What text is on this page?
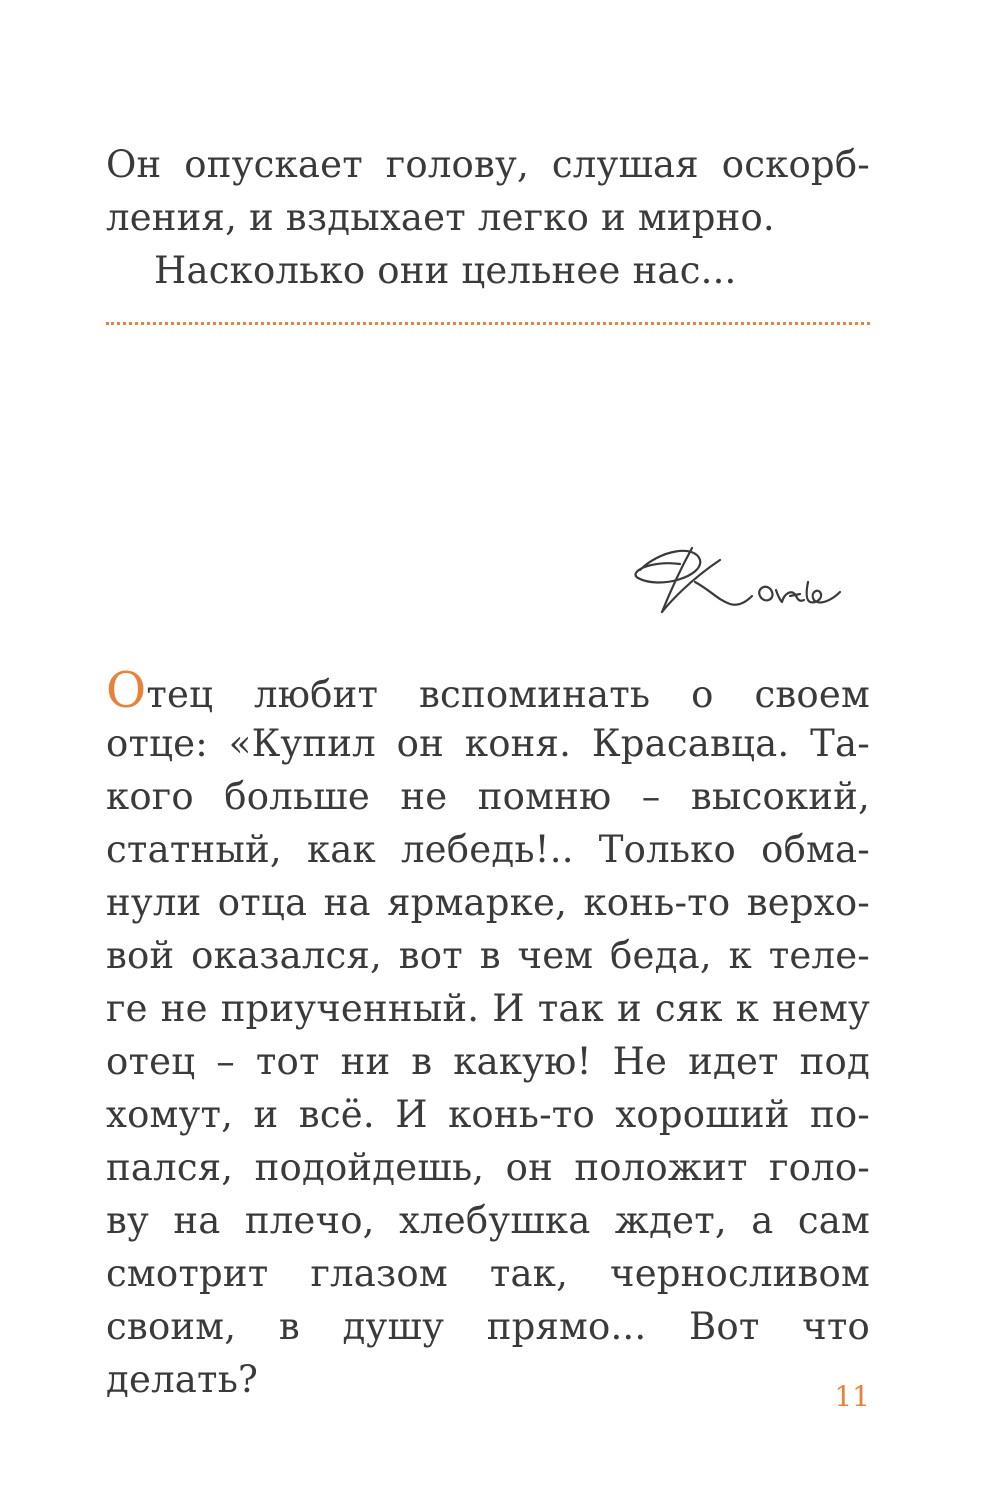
Он опускает голову, слушая оскорб-
ления, и вздыхает легко и мирно.
Насколько они цельнее нас...
Отец любит вспоминать о своем
отце: «Купил он коня. Красавца. Та-
кого больше не помню – высокий,
статный, как лебедь!.. Только обма-
нули отца на ярмарке, конь-то верхо-
вой оказался, вот в чем беда, к теле-
ге не приученный. И так и сяк к нему
отец – тот ни в какую! Не идет под
хомут, и всё. И конь-то хороший по-
пался, подойдешь, он положит голо-
ву на плечо, хлебушка ждет, а сам
смотрит глазом так, черносливом
своим, в душу прямо... Вот что делать?	11
